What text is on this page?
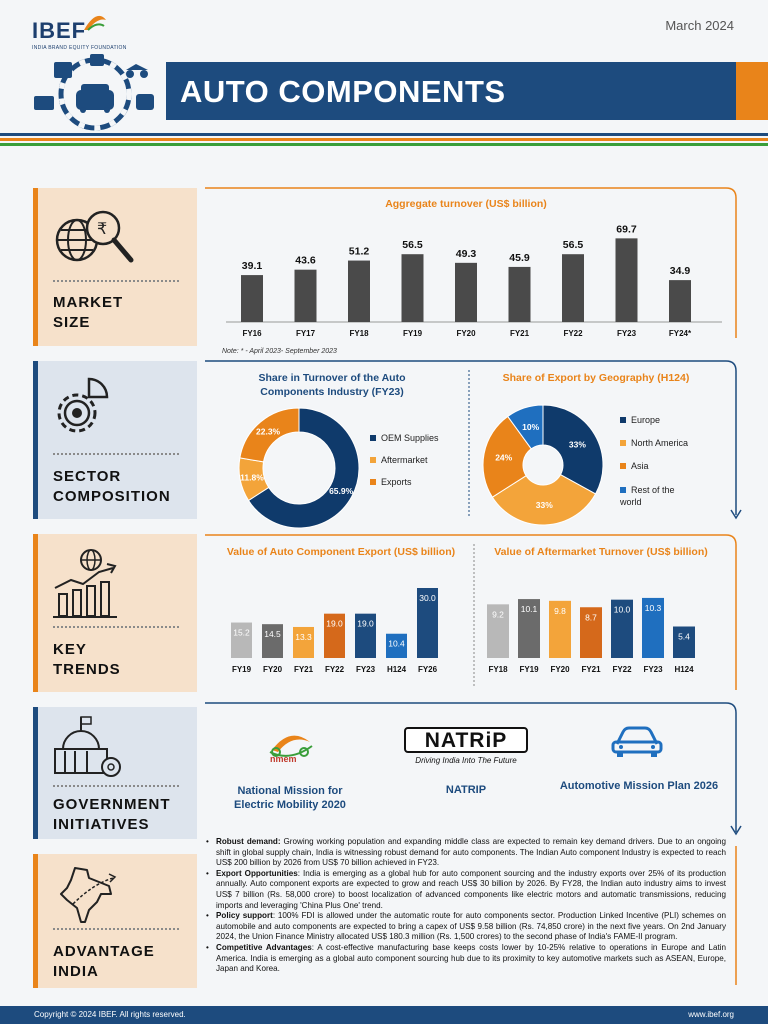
IBEF
INDIA BRAND EQUITY FOUNDATION
March 2024
AUTO COMPONENTS
₹
MARKET
SIZE
SECTOR
COMPOSITION
KEY
TRENDS
GOVERNMENT
INITIATIVES
ADVANTAGE
INDIA
Aggregate turnover (US$ billion)
39.1
FY16
43.6
FY17
51.2
FY18
56.5
FY19
49.3
FY20
45.9
FY21
56.5
FY22
69.7
FY23
34.9
FY24*
Note: * - April 2023- September 2023
Share in Turnover of the Auto Components Industry (FY23)
65.9%
11.8%
22.3%
OEM Supplies
Aftermarket
Exports
Share of Export by Geography (H124)
33%
33%
24%
10%
Europe
North America
Asia
Rest of the world
Value of Auto Component Export (US$ billion)
15.2
FY19
14.5
FY20
13.3
FY21
19.0
FY22
19.0
FY23
10.4
H124
30.0
FY26
Value of Aftermarket Turnover (US$ billion)
9.2
FY18
10.1
FY19
9.8
FY20
8.7
FY21
10.0
FY22
10.3
FY23
5.4
H124
nmem
National Mission for Electric Mobility 2020
NATRiP
Driving India Into The Future
NATRIP	Automotive Mission Plan 2026

• Robust demand: Growing working population and expanding middle class are expected to remain key demand drivers. Due to an ongoing shift in global supply chain, India is witnessing robust demand for auto components. The Indian Auto component Industry is expected to reach US$ 200 billion by 2026 from US$ 70 billion achieved in FY23.

• Export Opportunities: India is emerging as a global hub for auto component sourcing and the industry exports over 25% of its production annually. Auto component exports are expected to grow and reach US$ 30 billion by 2026. By FY28, the Indian auto industry aims to invest US$ 7 billion (Rs. 58,000 crore) to boost localization of advanced components like electric motors and automatic transmissions, reducing imports and leveraging 'China Plus One' trend.

• Policy support: 100% FDI is allowed under the automatic route for auto components sector. Production Linked Incentive (PLI) schemes on automobile and auto components are expected to bring a capex of US$ 9.58 billion (Rs. 74,850 crore) in the next five years. On 2nd January 2024, the Union Finance Ministry allocated US$ 180.3 million (Rs. 1,500 crores) to the second phase of India's FAME-II program.

• Competitive Advantages: A cost-effective manufacturing base keeps costs lower by 10-25% relative to operations in Europe and Latin America. India is emerging as a global auto component sourcing hub due to its proximity to key automotive markets such as ASEAN, Europe, Japan and Korea.

Copyright © 2024 IBEF. All rights reserved.	www.ibef.org
